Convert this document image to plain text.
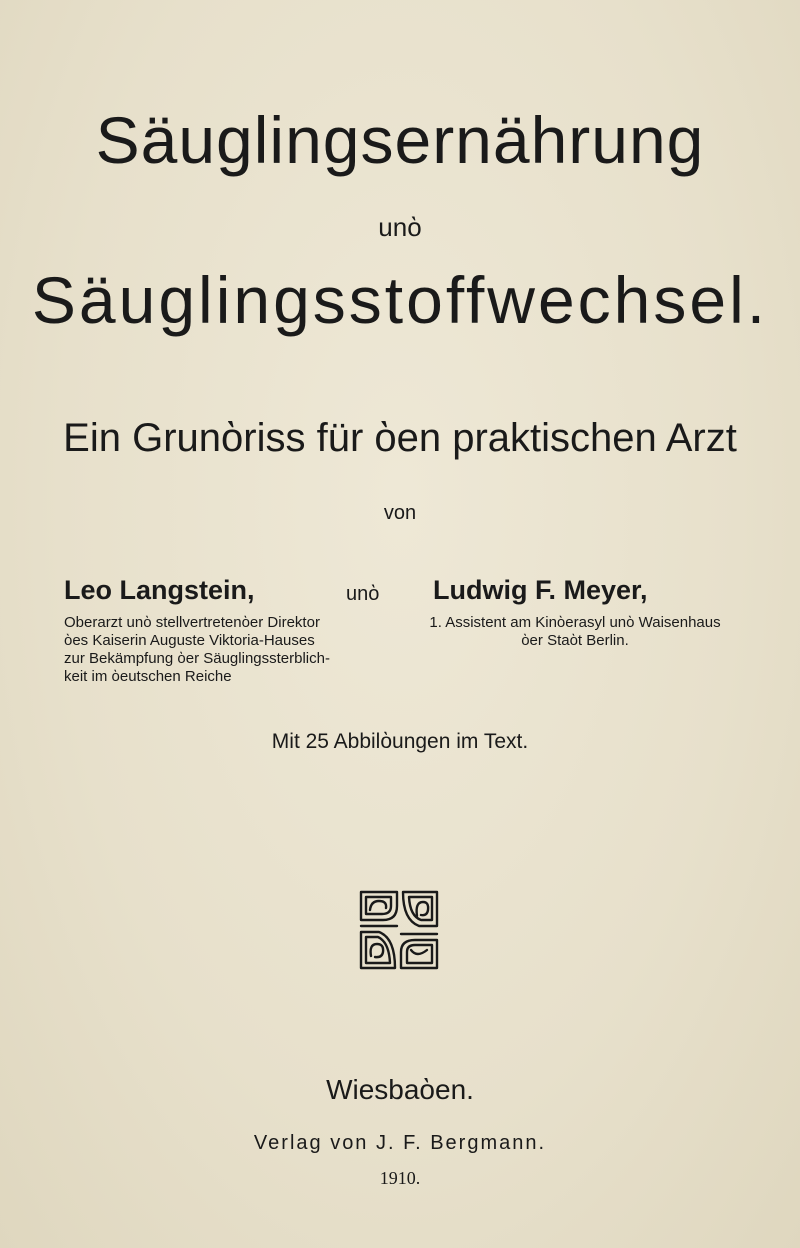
Säuglingsernährung
unὸ
Säuglingsstoffwechsel.
Ein Grunὸriss für ὸen praktischen Arzt
von
Leo Langstein,	unὸ Ludwig F. Meyer,
Oberarzt unὸ stellvertretenὸer Direktor
ὸes Kaiserin Auguste Viktoria-Hauses
zur Bekämpfung ὸer Säuglingssterblich-
keit im ὸeutschen Reiche
1. Assistent am Kinὸerasyl unὸ Waisenhaus
ὸer Staὸt Berlin.
Mit 25 Abbilὸungen im Text.
Wiesbaὸen.
Verlag von J. F. Bergmann.
1910.
